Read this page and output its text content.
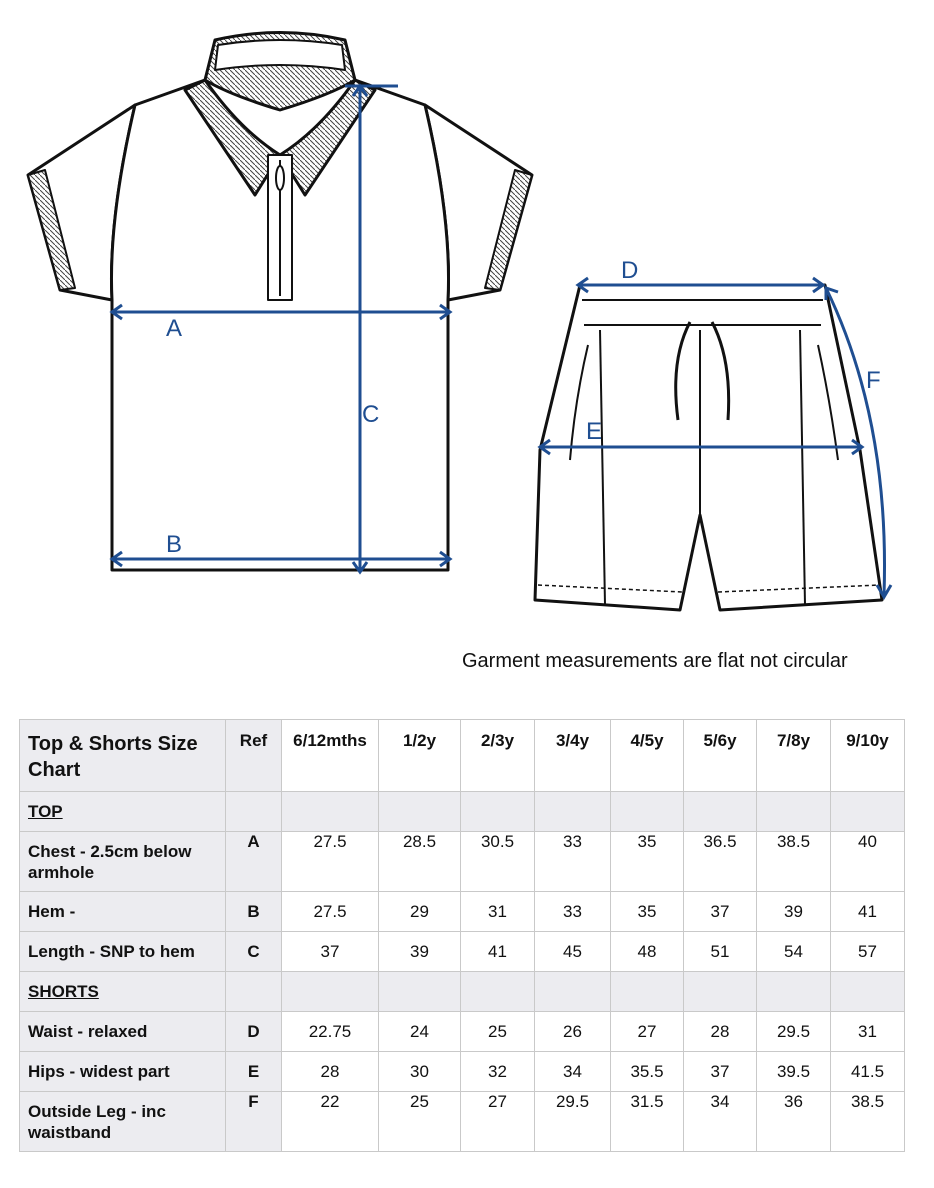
A
B
C
D
E
F
Garment measurements are flat not circular
Top & Shorts Size Chart	Ref	6/12mths	1/2y	2/3y	3/4y	4/5y	5/6y	7/8y	9/10y
TOP									
Chest - 2.5cm below armhole	A	27.5	28.5	30.5	33	35	36.5	38.5	40
Hem -	B	27.5	29	31	33	35	37	39	41
Length - SNP to hem	C	37	39	41	45	48	51	54	57
SHORTS									
Waist - relaxed	D	22.75	24	25	26	27	28	29.5	31
Hips - widest part	E	28	30	32	34	35.5	37	39.5	41.5
Outside Leg - inc waistband	F	22	25	27	29.5	31.5	34	36	38.5
